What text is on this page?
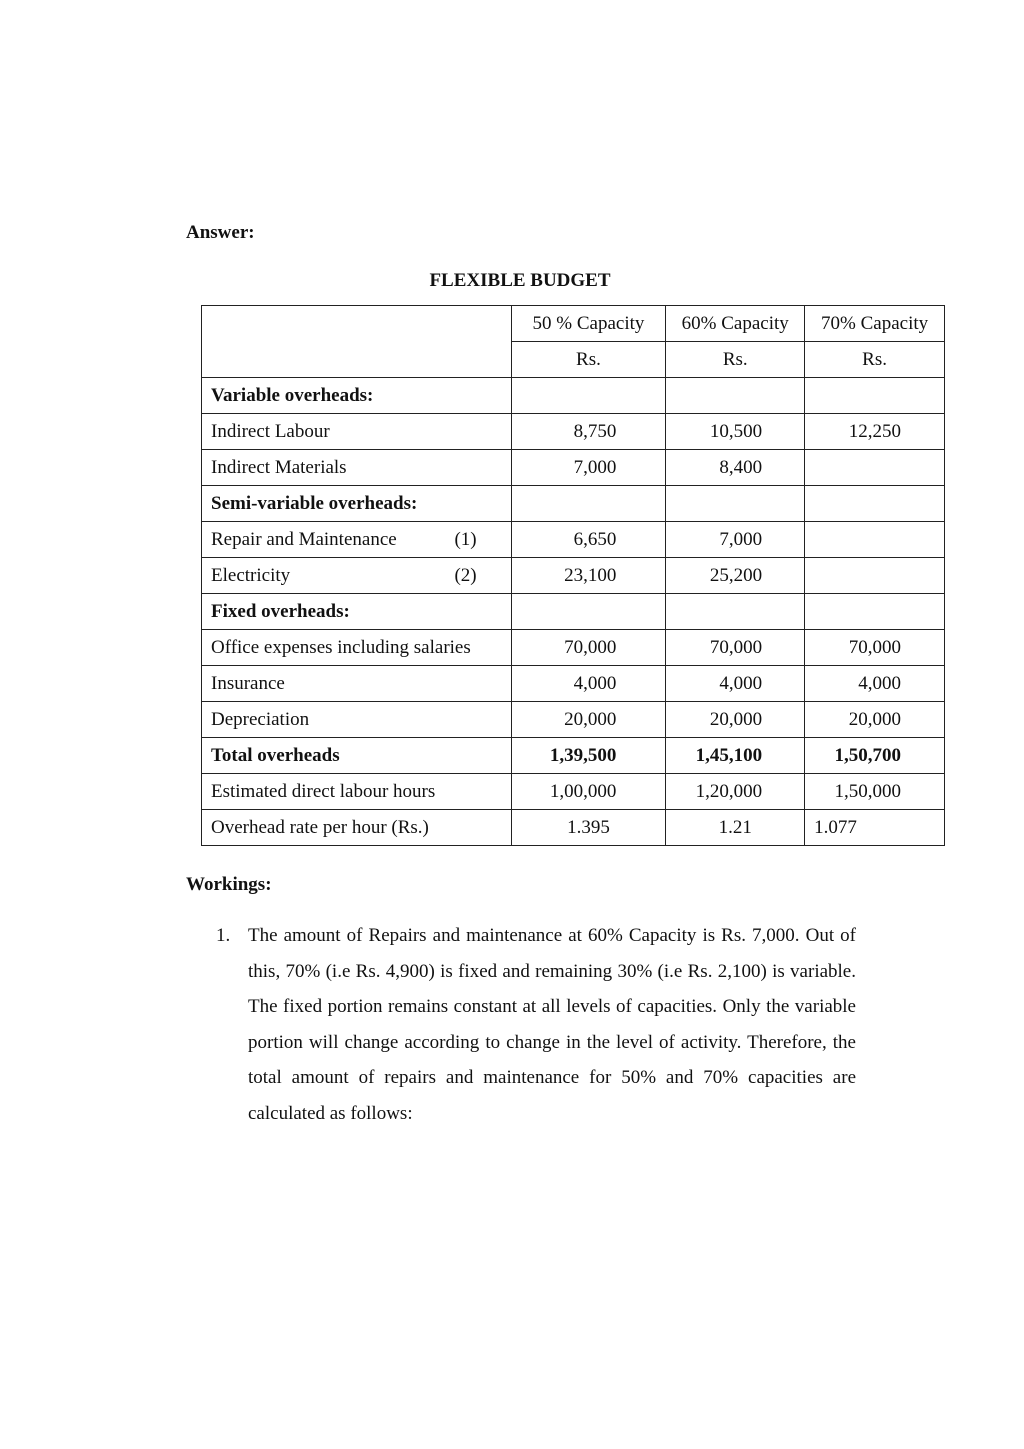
Answer:

FLEXIBLE BUDGET

	50 % Capacity	60% Capacity	70% Capacity
	Rs.	Rs.	Rs.
Variable overheads:			
Indirect Labour	8,750	10,500	12,250
Indirect Materials	7,000	8,400	
Semi-variable overheads:			

Repair and Maintenance (1)	6,650	7,000	

Electricity (2)	23,100	25,200	
Fixed overheads:			
Office expenses including salaries	70,000	70,000	70,000
Insurance	4,000	4,000	4,000
Depreciation	20,000	20,000	20,000
Total overheads	1,39,500	1,45,100	1,50,700
Estimated direct labour hours	1,00,000	1,20,000	1,50,000
Overhead rate per hour (Rs.)	1.395	1.21	1.077

Workings:

1. The amount of Repairs and maintenance at 60% Capacity is Rs. 7,000. Out of this, 70% (i.e Rs. 4,900) is fixed and remaining 30% (i.e Rs. 2,100) is variable. The fixed portion remains constant at all levels of capacities. Only the variable portion will change according to change in the level of activity. Therefore, the total amount of repairs and maintenance for 50% and 70% capacities are calculated as follows:
